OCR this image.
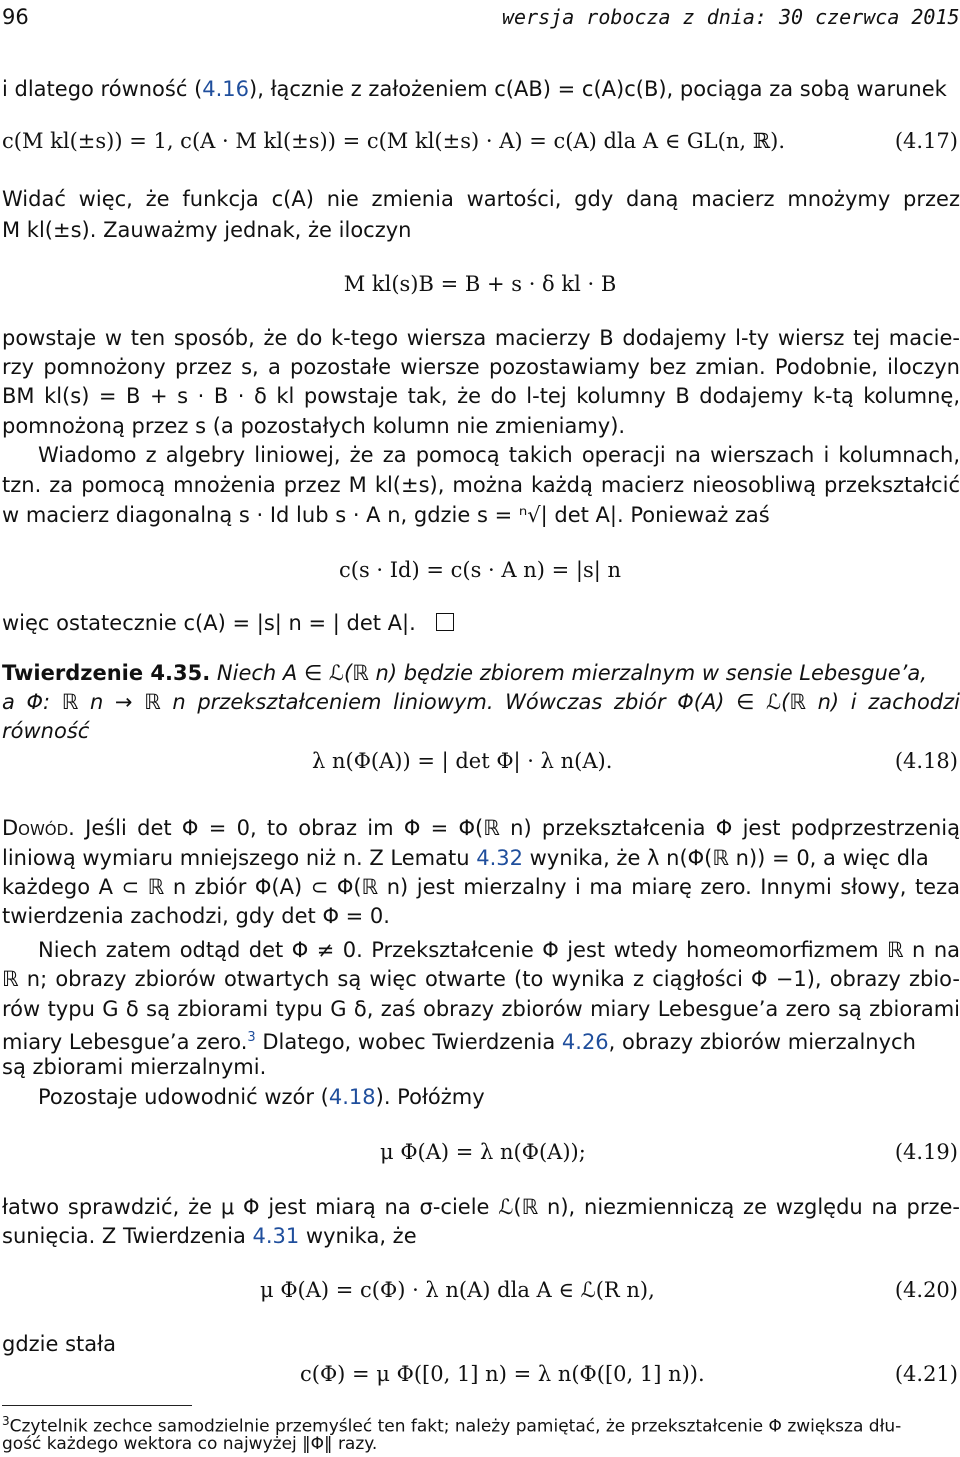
96	wersja robocza z dnia: 30 czerwca 2015
i dlatego równość (4.16), łącznie z założeniem c(AB) = c(A)c(B), pociąga za sobą warunek
c(M kl(±s)) = 1, c(A · M kl(±s)) = c(M kl(±s) · A) = c(A) dla A ∈ GL(n, ℝ).	(4.17)
Widać więc, że funkcja c(A) nie zmienia wartości, gdy daną macierz mnożymy przez
M kl(±s). Zauważmy jednak, że iloczyn
M kl(s)B = B + s · δ kl · B
powstaje w ten sposób, że do k-tego wiersza macierzy B dodajemy l-ty wiersz tej macie-
rzy pomnożony przez s, a pozostałe wiersze pozostawiamy bez zmian. Podobnie, iloczyn
BM kl(s) = B + s · B · δ kl powstaje tak, że do l-tej kolumny B dodajemy k-tą kolumnę,
pomnożoną przez s (a pozostałych kolumn nie zmieniamy).
Wiadomo z algebry liniowej, że za pomocą takich operacji na wierszach i kolumnach,
tzn. za pomocą mnożenia przez M kl(±s), można każdą macierz nieosobliwą przekształcić
w macierz diagonalną s · Id lub s · A n, gdzie s = ⁿ√| det A|. Ponieważ zaś
c(s · Id) = c(s · A n) = |s| n
więc ostatecznie c(A) = |s| n = | det A|.
Twierdzenie 4.35. Niech A ∈ ℒ(ℝ n) będzie zbiorem mierzalnym w sensie Lebesgue’a,
a Φ: ℝ n → ℝ n przekształceniem liniowym. Wówczas zbiór Φ(A) ∈ ℒ(ℝ n) i zachodzi
równość
λ n(Φ(A)) = | det Φ| · λ n(A).	(4.18)
Dowód. Jeśli det Φ = 0, to obraz im Φ = Φ(ℝ n) przekształcenia Φ jest podprzestrzenią
liniową wymiaru mniejszego niż n. Z Lematu 4.32 wynika, że λ n(Φ(ℝ n)) = 0, a więc dla
każdego A ⊂ ℝ n zbiór Φ(A) ⊂ Φ(ℝ n) jest mierzalny i ma miarę zero. Innymi słowy, teza
twierdzenia zachodzi, gdy det Φ = 0.
Niech zatem odtąd det Φ ≠ 0. Przekształcenie Φ jest wtedy homeomorfizmem ℝ n na
ℝ n; obrazy zbiorów otwartych są więc otwarte (to wynika z ciągłości Φ −1), obrazy zbio-
rów typu G δ są zbiorami typu G δ, zaś obrazy zbiorów miary Lebesgue’a zero są zbiorami
miary Lebesgue’a zero.$^3$ Dlatego, wobec Twierdzenia 4.26, obrazy zbiorów mierzalnych
są zbiorami mierzalnymi.
Pozostaje udowodnić wzór (4.18). Połóżmy
μ Φ(A) = λ n(Φ(A));	(4.19)
łatwo sprawdzić, że μ Φ jest miarą na σ-ciele ℒ(ℝ n), niezmienniczą ze względu na prze-
sunięcia. Z Twierdzenia 4.31 wynika, że
μ Φ(A) = c(Φ) · λ n(A) dla A ∈ ℒ(R n),	(4.20)
gdzie stała
c(Φ) = μ Φ([0, 1] n) = λ n(Φ([0, 1] n)).	(4.21)
$^3$Czytelnik zechce samodzielnie przemyśleć ten fakt; należy pamiętać, że przekształcenie Φ zwiększa dłu-
gość każdego wektora co najwyżej ‖Φ‖ razy.
